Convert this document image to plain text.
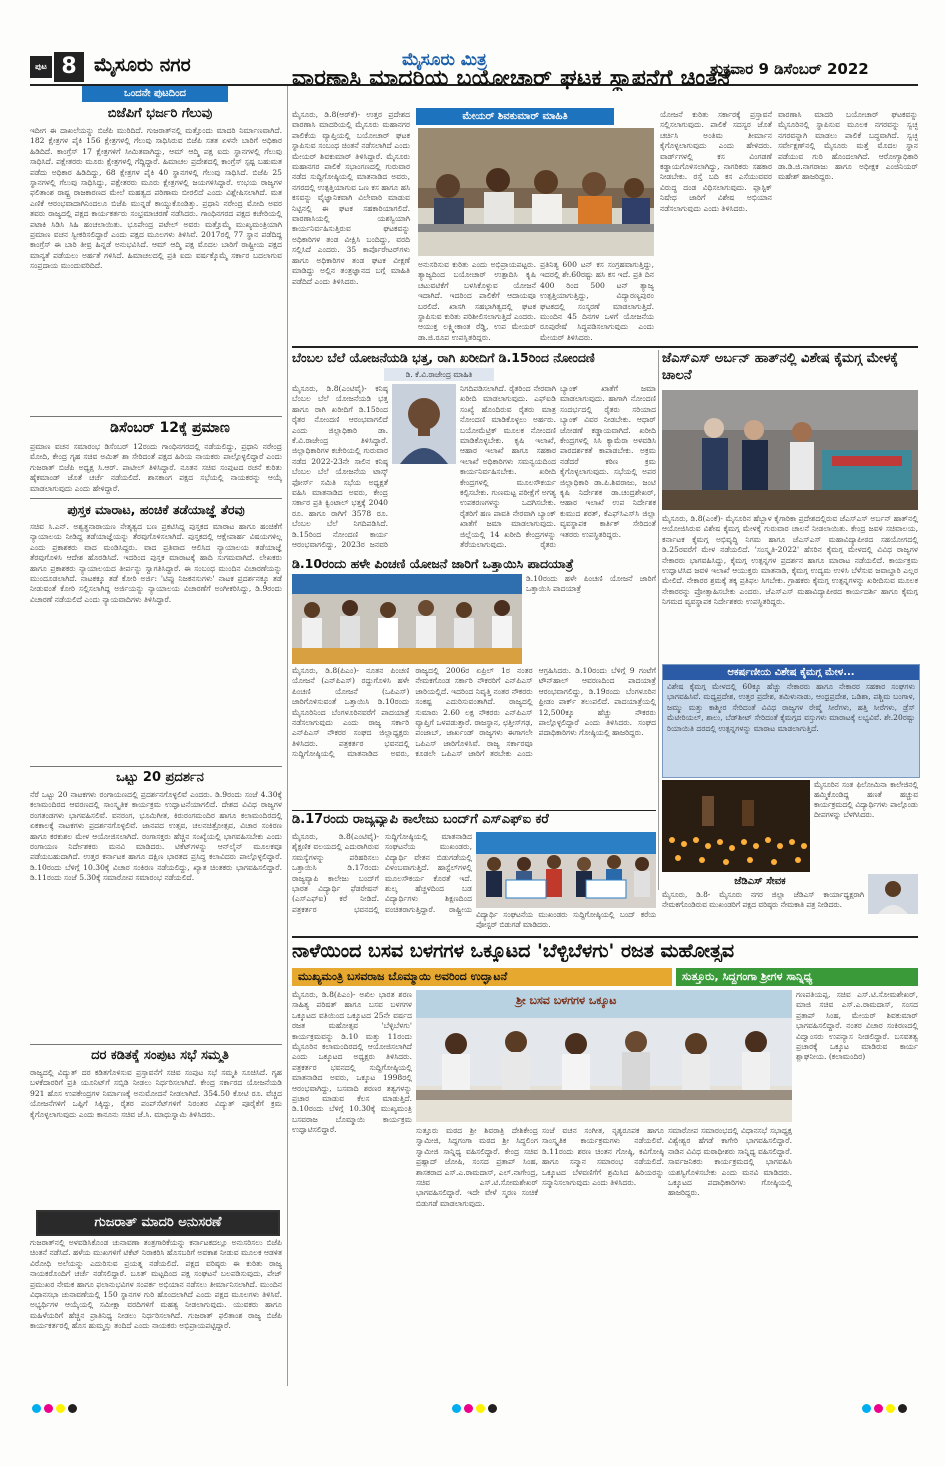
ಪುಟ 8 ಮೈಸೂರು ನಗರ	ಮೈಸೂರು ಮಿತ್ರ	ಶುಕ್ರವಾರ 9 ಡಿಸೆಂಬರ್ 2022
ಒಂದನೇ ಪುಟದಿಂದ
ಬಿಜೆಪಿಗೆ ಭರ್ಜರಿ ಗೆಲುವು
ಇದೀಗ ಈ ದಾಖಲೆಯನ್ನು ಬಿಜೆಪಿ ಮುರಿದಿದೆ. ಗುಜರಾತ್‌ನಲ್ಲಿ ಮತ್ತೊಂದು ಮಾದರಿ ನಿರ್ಮಾಣವಾಗಿದೆ. 182 ಕ್ಷೇತ್ರಗಳ ಪೈಕಿ 156 ಕ್ಷೇತ್ರಗಳಲ್ಲಿ ಗೆಲುವು ಸಾಧಿಸಿರುವ ಬಿಜೆಪಿ ಸತತ ಏಳನೇ ಬಾರಿಗೆ ಅಧಿಕಾರ ಹಿಡಿದಿದೆ. ಕಾಂಗ್ರೆಸ್ 17 ಕ್ಷೇತ್ರಗಳಿಗೆ ಸೀಮಿತವಾಗಿದ್ದು, ಆಮ್ ಆದ್ಮಿ ಪಕ್ಷ ಐದು ಸ್ಥಾನಗಳಲ್ಲಿ ಗೆಲುವು ಸಾಧಿಸಿದೆ. ಪಕ್ಷೇತರರು ಮೂರು ಕ್ಷೇತ್ರಗಳಲ್ಲಿ ಗೆದ್ದಿದ್ದಾರೆ. ಹಿಮಾಚಲ ಪ್ರದೇಶದಲ್ಲಿ ಕಾಂಗ್ರೆಸ್ ಸ್ಪಷ್ಟ ಬಹುಮತ ಪಡೆದು ಅಧಿಕಾರ ಹಿಡಿದಿದ್ದು, 68 ಕ್ಷೇತ್ರಗಳ ಪೈಕಿ 40 ಸ್ಥಾನಗಳಲ್ಲಿ ಗೆಲುವು ಸಾಧಿಸಿದೆ. ಬಿಜೆಪಿ 25 ಸ್ಥಾನಗಳಲ್ಲಿ ಗೆಲುವು ಸಾಧಿಸಿದ್ದು, ಪಕ್ಷೇತರರು ಮೂರು ಕ್ಷೇತ್ರಗಳಲ್ಲಿ ಜಯಗಳಿಸಿದ್ದಾರೆ. ಉಭಯ ರಾಜ್ಯಗಳ ಫಲಿತಾಂಶ ರಾಷ್ಟ್ರ ರಾಜಕಾರಣದ ಮೇಲೆ ಮಹತ್ವದ ಪರಿಣಾಮ ಬೀರಲಿದೆ ಎಂದು ವಿಶ್ಲೇಷಿಸಲಾಗಿದೆ. ಮತ ಎಣಿಕೆ ಆರಂಭವಾದಾಗಿನಿಂದಲೂ ಬಿಜೆಪಿ ಮುನ್ನಡೆ ಕಾಯ್ದುಕೊಂಡಿತ್ತು. ಪ್ರಧಾನಿ ನರೇಂದ್ರ ಮೋದಿ ಅವರ ತವರು ರಾಜ್ಯದಲ್ಲಿ ಪಕ್ಷದ ಕಾರ್ಯಕರ್ತರು ಸಂಭ್ರಮಾಚರಣೆ ನಡೆಸಿದರು. ಗಾಂಧಿನಗರದ ಪಕ್ಷದ ಕಚೇರಿಯಲ್ಲಿ ಪಟಾಕಿ ಸಿಡಿಸಿ ಸಿಹಿ ಹಂಚಲಾಯಿತು. ಭೂಪೇಂದ್ರ ಪಟೇಲ್ ಅವರು ಮತ್ತೊಮ್ಮೆ ಮುಖ್ಯಮಂತ್ರಿಯಾಗಿ ಪ್ರಮಾಣ ವಚನ ಸ್ವೀಕರಿಸಲಿದ್ದಾರೆ ಎಂದು ಪಕ್ಷದ ಮೂಲಗಳು ತಿಳಿಸಿವೆ. 2017ರಲ್ಲಿ 77 ಸ್ಥಾನ ಪಡೆದಿದ್ದ ಕಾಂಗ್ರೆಸ್ ಈ ಬಾರಿ ತೀವ್ರ ಹಿನ್ನಡೆ ಅನುಭವಿಸಿದೆ. ಆಮ್ ಆದ್ಮಿ ಪಕ್ಷ ಮೊದಲ ಬಾರಿಗೆ ರಾಷ್ಟ್ರೀಯ ಪಕ್ಷದ ಮಾನ್ಯತೆ ಪಡೆಯಲು ಅರ್ಹತೆ ಗಳಿಸಿದೆ. ಹಿಮಾಚಲದಲ್ಲಿ ಪ್ರತಿ ಐದು ವರ್ಷಕ್ಕೊಮ್ಮೆ ಸರ್ಕಾರ ಬದಲಾಗುವ ಸಂಪ್ರದಾಯ ಮುಂದುವರಿದಿದೆ.
ಡಿಸೆಂಬರ್ 12ಕ್ಕೆ ಪ್ರಮಾಣ
ಪ್ರಮಾಣ ವಚನ ಸಮಾರಂಭ ಡಿಸೆಂಬರ್ 12ರಂದು ಗಾಂಧಿನಗರದಲ್ಲಿ ನಡೆಯಲಿದ್ದು, ಪ್ರಧಾನಿ ನರೇಂದ್ರ ಮೋದಿ, ಕೇಂದ್ರ ಗೃಹ ಸಚಿವ ಅಮಿತ್ ಶಾ ಸೇರಿದಂತೆ ಪಕ್ಷದ ಹಿರಿಯ ನಾಯಕರು ಪಾಲ್ಗೊಳ್ಳಲಿದ್ದಾರೆ ಎಂದು ಗುಜರಾತ್ ಬಿಜೆಪಿ ಅಧ್ಯಕ್ಷ ಸಿ.ಆರ್. ಪಾಟೀಲ್ ತಿಳಿಸಿದ್ದಾರೆ. ನೂತನ ಸಚಿವ ಸಂಪುಟದ ರಚನೆ ಕುರಿತು ಹೈಕಮಾಂಡ್ ಜೊತೆ ಚರ್ಚೆ ನಡೆಯಲಿದೆ. ಶಾಸಕಾಂಗ ಪಕ್ಷದ ಸಭೆಯಲ್ಲಿ ನಾಯಕರನ್ನು ಆಯ್ಕೆ ಮಾಡಲಾಗುವುದು ಎಂದು ಹೇಳಿದ್ದಾರೆ.
ಪುಸ್ತಕ ಮಾರಾಟ, ಹಂಚಿಕೆ ತಡೆಯಾಜ್ಞೆ ತೆರವು
ಸಚಿವ ಸಿ.ಎನ್. ಅಶ್ವತ್ಥನಾರಾಯಣ ನೇತೃತ್ವದ ಬಣ ಪ್ರಕಟಿಸಿದ್ದ ಪುಸ್ತಕದ ಮಾರಾಟ ಹಾಗೂ ಹಂಚಿಕೆಗೆ ನ್ಯಾಯಾಲಯ ನೀಡಿದ್ದ ತಡೆಯಾಜ್ಞೆಯನ್ನು ತೆರವುಗೊಳಿಸಲಾಗಿದೆ. ಪುಸ್ತಕದಲ್ಲಿ ಆಕ್ಷೇಪಾರ್ಹ ವಿಷಯಗಳಿಲ್ಲ ಎಂದು ಪ್ರಕಾಶಕರು ವಾದ ಮಂಡಿಸಿದ್ದರು. ವಾದ ಪ್ರತಿವಾದ ಆಲಿಸಿದ ನ್ಯಾಯಾಲಯ ತಡೆಯಾಜ್ಞೆ ತೆರವುಗೊಳಿಸಿ ಆದೇಶ ಹೊರಡಿಸಿದೆ. ಇದರಿಂದ ಪುಸ್ತಕ ಮಾರಾಟಕ್ಕೆ ಹಾದಿ ಸುಗಮವಾಗಿದೆ. ಲೇಖಕರು ಹಾಗೂ ಪ್ರಕಾಶಕರು ನ್ಯಾಯಾಲಯದ ತೀರ್ಪನ್ನು ಸ್ವಾಗತಿಸಿದ್ದಾರೆ. ಈ ಸಂಬಂಧ ಮುಂದಿನ ವಿಚಾರಣೆಯನ್ನು ಮುಂದೂಡಲಾಗಿದೆ. ನಾಟಕಕ್ಕೂ ತಡೆ ಕೋರಿ ಅರ್ಜಿ: 'ಟಿಪ್ಪು ನಿಜಕನಸುಗಳು' ನಾಟಕ ಪ್ರದರ್ಶನಕ್ಕೂ ತಡೆ ನೀಡುವಂತೆ ಕೋರಿ ಸಲ್ಲಿಸಲಾಗಿದ್ದ ಅರ್ಜಿಯನ್ನು ನ್ಯಾಯಾಲಯ ವಿಚಾರಣೆಗೆ ಅಂಗೀಕರಿಸಿದ್ದು, ಡಿ.9ರಂದು ವಿಚಾರಣೆ ನಡೆಯಲಿದೆ ಎಂದು ನ್ಯಾಯವಾದಿಗಳು ತಿಳಿಸಿದ್ದಾರೆ.
ಒಟ್ಟು 20 ಪ್ರದರ್ಶನ
ನೆರೆ ಒಟ್ಟು 20 ನಾಟಕಗಳು ರಂಗಾಯಣದಲ್ಲಿ ಪ್ರದರ್ಶನಗೊಳ್ಳಲಿವೆ ಎಂದರು. ಡಿ.9ರಂದು ಸಂಜೆ 4.30ಕ್ಕೆ ಕಲಾಮಂದಿರದ ಆವರಣದಲ್ಲಿ ಸಾಂಸ್ಕೃತಿಕ ಕಾರ್ಯಕ್ರಮ ಉದ್ಘಾಟನೆಯಾಗಲಿದೆ. ದೇಶದ ವಿವಿಧ ರಾಜ್ಯಗಳ ರಂಗತಂಡಗಳು ಭಾಗವಹಿಸಲಿವೆ. ವನರಂಗ, ಭೂಮಿಗೀತ, ಕಿರುರಂಗಮಂದಿರ ಹಾಗೂ ಕಲಾಮಂದಿರದಲ್ಲಿ ಏಕಕಾಲಕ್ಕೆ ನಾಟಕಗಳು ಪ್ರದರ್ಶನಗೊಳ್ಳಲಿವೆ. ಜಾನಪದ ಉತ್ಸವ, ಚಲನಚಿತ್ರೋತ್ಸವ, ವಿಚಾರ ಸಂಕಿರಣ ಹಾಗೂ ಕರಕುಶಲ ಮೇಳ ಆಯೋಜಿಸಲಾಗಿದೆ. ರಂಗಾಸಕ್ತರು ಹೆಚ್ಚಿನ ಸಂಖ್ಯೆಯಲ್ಲಿ ಭಾಗವಹಿಸಬೇಕು ಎಂದು ರಂಗಾಯಣ ನಿರ್ದೇಶಕರು ಮನವಿ ಮಾಡಿದರು. ಟಿಕೆಟ್‌ಗಳನ್ನು ಆನ್‌ಲೈನ್ ಮೂಲಕವೂ ಪಡೆಯಬಹುದಾಗಿದೆ. ಉತ್ತರ ಕರ್ನಾಟಕ ಹಾಗೂ ದಕ್ಷಿಣ ಭಾರತದ ಪ್ರಸಿದ್ಧ ಕಲಾವಿದರು ಪಾಲ್ಗೊಳ್ಳಲಿದ್ದಾರೆ. ಡಿ.10ರಂದು ಬೆಳಿಗ್ಗೆ 10.30ಕ್ಕೆ ವಿಚಾರ ಸಂಕಿರಣ ನಡೆಯಲಿದ್ದು, ಖ್ಯಾತ ಚಿಂತಕರು ಭಾಗವಹಿಸಲಿದ್ದಾರೆ. ಡಿ.11ರಂದು ಸಂಜೆ 5.30ಕ್ಕೆ ಸಮಾರೋಪ ಸಮಾರಂಭ ನಡೆಯಲಿದೆ.
ದರ ಕಡಿತಕ್ಕೆ ಸಂಪುಟ ಸಭೆ ಸಮ್ಮತಿ
ರಾಜ್ಯದಲ್ಲಿ ವಿದ್ಯುತ್ ದರ ಕಡಿತಗೊಳಿಸುವ ಪ್ರಸ್ತಾವನೆಗೆ ಸಚಿವ ಸಂಪುಟ ಸಭೆ ಸಮ್ಮತಿ ಸೂಚಿಸಿದೆ. ಗೃಹ ಬಳಕೆದಾರರಿಗೆ ಪ್ರತಿ ಯೂನಿಟ್‌ಗೆ ಸಬ್ಸಿಡಿ ನೀಡಲು ನಿರ್ಧರಿಸಲಾಗಿದೆ. ಕೇಂದ್ರ ಸರ್ಕಾರದ ಯೋಜನೆಯಡಿ 921 ಹೊಸ ಉಪಕೇಂದ್ರಗಳ ನಿರ್ಮಾಣಕ್ಕೆ ಅನುಮೋದನೆ ನೀಡಲಾಗಿದೆ. 354.50 ಕೋಟಿ ರೂ. ವೆಚ್ಚದ ಯೋಜನೆಗಳಿಗೆ ಒಪ್ಪಿಗೆ ಸಿಕ್ಕಿದ್ದು, ರೈತರ ಪಂಪ್‌ಸೆಟ್‌ಗಳಿಗೆ ನಿರಂತರ ವಿದ್ಯುತ್ ಪೂರೈಕೆಗೆ ಕ್ರಮ ಕೈಗೊಳ್ಳಲಾಗುವುದು ಎಂದು ಕಾನೂನು ಸಚಿವ ಜೆ.ಸಿ. ಮಾಧುಸ್ವಾಮಿ ತಿಳಿಸಿದರು.
ಗುಜರಾತ್ ಮಾದರಿ ಅನುಸರಣೆ
ಗುಜರಾತ್‌ನಲ್ಲಿ ಅಳವಡಿಸಿಕೊಂಡ ಚುನಾವಣಾ ತಂತ್ರಗಾರಿಕೆಯನ್ನು ಕರ್ನಾಟಕದಲ್ಲೂ ಅನುಸರಿಸಲು ಬಿಜೆಪಿ ಚಿಂತನೆ ನಡೆಸಿದೆ. ಹಳೆಯ ಮುಖಗಳಿಗೆ ಟಿಕೆಟ್ ನಿರಾಕರಿಸಿ ಹೊಸಬರಿಗೆ ಅವಕಾಶ ನೀಡುವ ಮೂಲಕ ಆಡಳಿತ ವಿರೋಧಿ ಅಲೆಯನ್ನು ಎದುರಿಸುವ ಪ್ರಯತ್ನ ನಡೆಯಲಿದೆ. ಪಕ್ಷದ ವರಿಷ್ಠರು ಈ ಕುರಿತು ರಾಜ್ಯ ನಾಯಕರೊಂದಿಗೆ ಚರ್ಚೆ ನಡೆಸಲಿದ್ದಾರೆ. ಬೂತ್ ಮಟ್ಟದಿಂದ ಪಕ್ಷ ಸಂಘಟನೆ ಬಲಪಡಿಸುವುದು, ಪೇಜ್ ಪ್ರಮುಖರ ನೇಮಕ ಹಾಗೂ ಫಲಾನುಭವಿಗಳ ಸಂಪರ್ಕ ಅಭಿಯಾನ ನಡೆಸಲು ತೀರ್ಮಾನಿಸಲಾಗಿದೆ. ಮುಂದಿನ ವಿಧಾನಸಭಾ ಚುನಾವಣೆಯಲ್ಲಿ 150 ಸ್ಥಾನಗಳ ಗುರಿ ಹೊಂದಲಾಗಿದೆ ಎಂದು ಪಕ್ಷದ ಮೂಲಗಳು ತಿಳಿಸಿವೆ. ಅಭ್ಯರ್ಥಿಗಳ ಆಯ್ಕೆಯಲ್ಲಿ ಸಮೀಕ್ಷಾ ವರದಿಗಳಿಗೆ ಮಹತ್ವ ನೀಡಲಾಗುವುದು. ಯುವಕರು ಹಾಗೂ ಮಹಿಳೆಯರಿಗೆ ಹೆಚ್ಚಿನ ಪ್ರಾತಿನಿಧ್ಯ ನೀಡಲು ನಿರ್ಧರಿಸಲಾಗಿದೆ. ಗುಜರಾತ್ ಫಲಿತಾಂಶ ರಾಜ್ಯ ಬಿಜೆಪಿ ಕಾರ್ಯಕರ್ತರಲ್ಲಿ ಹೊಸ ಹುಮ್ಮಸ್ಸು ತಂದಿದೆ ಎಂದು ನಾಯಕರು ಅಭಿಪ್ರಾಯಪಟ್ಟಿದ್ದಾರೆ.
ವಾರಣಾಸಿ ಮಾದರಿಯ ಬಯೋಚಾರ್ ಘಟಕ ಸ್ಥಾಪನೆಗೆ ಚಿಂತನೆ
ಮೇಯರ್ ಶಿವಕುಮಾರ್ ಮಾಹಿತಿ
ಮೈಸೂರು, ಡಿ.8(ಆರ್‌ಕೆ)- ಉತ್ತರ ಪ್ರದೇಶದ ವಾರಣಾಸಿ ಮಾದರಿಯಲ್ಲಿ ಮೈಸೂರು ಮಹಾನಗರ ಪಾಲಿಕೆಯ ವ್ಯಾಪ್ತಿಯಲ್ಲಿ ಬಯೋಚಾರ್ ಘಟಕ ಸ್ಥಾಪಿಸುವ ಸಂಬಂಧ ಚಿಂತನೆ ನಡೆಸಲಾಗಿದೆ ಎಂದು ಮೇಯರ್ ಶಿವಕುಮಾರ್ ತಿಳಿಸಿದ್ದಾರೆ. ಮೈಸೂರು ಮಹಾನಗರ ಪಾಲಿಕೆ ಸಭಾಂಗಣದಲ್ಲಿ ಗುರುವಾರ ನಡೆದ ಸುದ್ದಿಗೋಷ್ಠಿಯಲ್ಲಿ ಮಾತನಾಡಿದ ಅವರು, ನಗರದಲ್ಲಿ ಉತ್ಪತ್ತಿಯಾಗುವ ಒಣ ಕಸ ಹಾಗೂ ಹಸಿ ಕಸವನ್ನು ವೈಜ್ಞಾನಿಕವಾಗಿ ವಿಲೇವಾರಿ ಮಾಡುವ ನಿಟ್ಟಿನಲ್ಲಿ ಈ ಘಟಕ ಸಹಕಾರಿಯಾಗಲಿದೆ. ವಾರಣಾಸಿಯಲ್ಲಿ ಯಶಸ್ವಿಯಾಗಿ ಕಾರ್ಯನಿರ್ವಹಿಸುತ್ತಿರುವ ಘಟಕವನ್ನು ಅಧಿಕಾರಿಗಳ ತಂಡ ವೀಕ್ಷಿಸಿ ಬಂದಿದ್ದು, ವರದಿ ಸಲ್ಲಿಸಿದೆ ಎಂದರು. 35 ಕಾರ್ಪೊರೇಟರ್‌ಗಳು ಹಾಗೂ ಅಧಿಕಾರಿಗಳ ತಂಡ ಘಟಕ ವೀಕ್ಷಣೆ ಮಾಡಿದ್ದು ಅಲ್ಲಿನ ತಂತ್ರಜ್ಞಾನದ ಬಗ್ಗೆ ಮಾಹಿತಿ ಪಡೆದಿದೆ ಎಂದು ತಿಳಿಸಿದರು.
ಅನುಸರಿಸುವ ಕುರಿತು ಎಂದು ಅಭಿಪ್ರಾಯಪಟ್ಟರು. ತ್ಯಾಜ್ಯದಿಂದ ಬಯೋಚಾರ್ ಉತ್ಪಾದಿಸಿ ಕೃಷಿ ಚಟುವಟಿಕೆಗೆ ಬಳಸಿಕೊಳ್ಳುವ ಯೋಜನೆ ಇದಾಗಿದೆ. ಇದರಿಂದ ಪಾಲಿಕೆಗೆ ಆದಾಯವೂ ಬರಲಿದೆ. ಖಾಸಗಿ ಸಹಭಾಗಿತ್ವದಲ್ಲಿ ಘಟಕ ಸ್ಥಾಪಿಸುವ ಕುರಿತು ಪರಿಶೀಲಿಸಲಾಗುತ್ತಿದೆ ಎಂದರು. ಆಯುಕ್ತ ಲಕ್ಷ್ಮೀಕಾಂತ ರೆಡ್ಡಿ, ಉಪ ಮೇಯರ್ ಡಾ.ಜಿ.ರೂಪ ಉಪಸ್ಥಿತರಿದ್ದರು.
ಪ್ರತಿನಿತ್ಯ 600 ಟನ್ ಕಸ ಸಂಗ್ರಹವಾಗುತ್ತಿದ್ದು, ಇದರಲ್ಲಿ ಶೇ.60ರಷ್ಟು ಹಸಿ ಕಸ ಇದೆ. ಪ್ರತಿ ದಿನ 400 ರಿಂದ 500 ಟನ್ ತ್ಯಾಜ್ಯ ಉತ್ಪತ್ತಿಯಾಗುತ್ತಿದ್ದು, ವಿದ್ಯಾರಣ್ಯಪುರಂ ಘಟಕದಲ್ಲಿ ಸಂಸ್ಕರಣೆ ಮಾಡಲಾಗುತ್ತಿದೆ. ಮುಂದಿನ 45 ದಿನಗಳ ಒಳಗೆ ಯೋಜನೆಯ ರೂಪುರೇಷೆ ಸಿದ್ಧಪಡಿಸಲಾಗುವುದು ಎಂದು ಮೇಯರ್ ತಿಳಿಸಿದರು.
ಯೋಜನೆ ಕುರಿತು ಸರ್ಕಾರಕ್ಕೆ ಪ್ರಸ್ತಾವನೆ ಸಲ್ಲಿಸಲಾಗುವುದು. ಪಾಲಿಕೆ ಸದಸ್ಯರ ಜೊತೆ ಚರ್ಚಿಸಿ ಅಂತಿಮ ತೀರ್ಮಾನ ಕೈಗೊಳ್ಳಲಾಗುವುದು ಎಂದು ಹೇಳಿದರು. ವಾರ್ಡ್‌ಗಳಲ್ಲಿ ಕಸ ವಿಂಗಡಣೆ ಕಡ್ಡಾಯಗೊಳಿಸಲಾಗಿದ್ದು, ನಾಗರಿಕರು ಸಹಕಾರ ನೀಡಬೇಕು. ರಸ್ತೆ ಬದಿ ಕಸ ಎಸೆಯುವವರ ವಿರುದ್ಧ ದಂಡ ವಿಧಿಸಲಾಗುವುದು. ಪ್ಲಾಸ್ಟಿಕ್ ನಿಷೇಧ ಜಾರಿಗೆ ವಿಶೇಷ ಅಭಿಯಾನ ನಡೆಸಲಾಗುವುದು ಎಂದು ತಿಳಿಸಿದರು.
ವಾರಣಾಸಿ ಮಾದರಿ ಬಯೋಚಾರ್ ಘಟಕವನ್ನು ಮೈಸೂರಿನಲ್ಲಿ ಸ್ಥಾಪಿಸುವ ಮೂಲಕ ನಗರವನ್ನು ಸ್ವಚ್ಛ ನಗರವನ್ನಾಗಿ ಮಾಡಲು ಪಾಲಿಕೆ ಬದ್ಧವಾಗಿದೆ. ಸ್ವಚ್ಛ ಸರ್ವೇಕ್ಷಣ್‌ನಲ್ಲಿ ಮೈಸೂರು ಮತ್ತೆ ಮೊದಲ ಸ್ಥಾನ ಪಡೆಯುವ ಗುರಿ ಹೊಂದಲಾಗಿದೆ. ಆರೋಗ್ಯಾಧಿಕಾರಿ ಡಾ.ಡಿ.ಜಿ.ನಾಗರಾಜು ಹಾಗೂ ಅಧೀಕ್ಷಕ ಎಂಜಿನಿಯರ್ ಮಹೇಶ್ ಹಾಜರಿದ್ದರು.
ಬೆಂಬಲ ಬೆಲೆ ಯೋಜನೆಯಡಿ ಭತ್ತ, ರಾಗಿ ಖರೀದಿಗೆ ಡಿ.15ರಿಂದ ನೋಂದಣಿ
ಡಿ. ಕೆ.ವಿ.ರಾಜೇಂದ್ರ ಮಾಹಿತಿ
ಮೈಸೂರು, ಡಿ.8(ಎಂಟಿವೈ)- ಕನಿಷ್ಠ ಬೆಂಬಲ ಬೆಲೆ ಯೋಜನೆಯಡಿ ಭತ್ತ ಹಾಗೂ ರಾಗಿ ಖರೀದಿಗೆ ಡಿ.15ರಿಂದ ರೈತರ ನೋಂದಣಿ ಆರಂಭವಾಗಲಿದೆ ಎಂದು ಜಿಲ್ಲಾಧಿಕಾರಿ ಡಾ. ಕೆ.ವಿ.ರಾಜೇಂದ್ರ ತಿಳಿಸಿದ್ದಾರೆ. ಜಿಲ್ಲಾಧಿಕಾರಿಗಳ ಕಚೇರಿಯಲ್ಲಿ ಗುರುವಾರ ನಡೆದ 2022-23ನೇ ಸಾಲಿನ ಕನಿಷ್ಠ ಬೆಂಬಲ ಬೆಲೆ ಯೋಜನೆಯ ಟಾಸ್ಕ್ ಫೋರ್ಸ್ ಸಮಿತಿ ಸಭೆಯ ಅಧ್ಯಕ್ಷತೆ ವಹಿಸಿ ಮಾತನಾಡಿದ ಅವರು, ಕೇಂದ್ರ ಸರ್ಕಾರ ಪ್ರತಿ ಕ್ವಿಂಟಾಲ್ ಭತ್ತಕ್ಕೆ 2040 ರೂ. ಹಾಗೂ ರಾಗಿಗೆ 3578 ರೂ. ಬೆಂಬಲ ಬೆಲೆ ನಿಗದಿಪಡಿಸಿದೆ. ಡಿ.15ರಿಂದ ನೋಂದಣಿ ಕಾರ್ಯ ಆರಂಭವಾಗಲಿದ್ದು, 2023ರ ಜನವರಿ
ನಿಗದಿಪಡಿಸಲಾಗಿದೆ. ರೈತರಿಂದ ನೇರವಾಗಿ ಖರೀದಿ ಮಾಡಲಾಗುವುದು. ಎಫ್‌ಐಡಿ ಸಂಖ್ಯೆ ಹೊಂದಿರುವ ರೈತರು ಮಾತ್ರ ನೋಂದಣಿ ಮಾಡಿಕೊಳ್ಳಲು ಅರ್ಹರು. ಬಯೋಮೆಟ್ರಿಕ್ ಮೂಲಕ ನೋಂದಣಿ ಮಾಡಿಕೊಳ್ಳಬೇಕು. ಕೃಷಿ ಇಲಾಖೆ, ಆಹಾರ ಇಲಾಖೆ ಹಾಗೂ ಸಹಕಾರ ಇಲಾಖೆ ಅಧಿಕಾರಿಗಳು ಸಮನ್ವಯದಿಂದ ಕಾರ್ಯನಿರ್ವಹಿಸಬೇಕು. ಖರೀದಿ ಕೇಂದ್ರಗಳಲ್ಲಿ ಮೂಲಸೌಕರ್ಯ ಕಲ್ಪಿಸಬೇಕು. ಗುಣಮಟ್ಟ ಪರೀಕ್ಷೆಗೆ ಅಗತ್ಯ ಉಪಕರಣಗಳನ್ನು ಒದಗಿಸಬೇಕು. ರೈತರಿಗೆ ಹಣ ಪಾವತಿ ನೇರವಾಗಿ ಬ್ಯಾಂಕ್ ಖಾತೆಗೆ ಜಮಾ ಮಾಡಲಾಗುವುದು. ಜಿಲ್ಲೆಯಲ್ಲಿ 14 ಖರೀದಿ ಕೇಂದ್ರಗಳನ್ನು ತೆರೆಯಲಾಗುವುದು. ರೈತರು
ಬ್ಯಾಂಕ್ ಖಾತೆಗೆ ಜಮಾ ಮಾಡಲಾಗುವುದು. ಹಾಗಾಗಿ ನೋಂದಣಿ ಸಂದರ್ಭದಲ್ಲಿ ರೈತರು ಸರಿಯಾದ ಬ್ಯಾಂಕ್ ವಿವರ ನೀಡಬೇಕು. ಆಧಾರ್ ಜೋಡಣೆ ಕಡ್ಡಾಯವಾಗಿದೆ. ಖರೀದಿ ಕೇಂದ್ರಗಳಲ್ಲಿ ಸಿಸಿ ಕ್ಯಾಮೆರಾ ಅಳವಡಿಸಿ ಪಾರದರ್ಶಕತೆ ಕಾಪಾಡಬೇಕು. ಅಕ್ರಮ ನಡೆದರೆ ಕಠಿಣ ಕ್ರಮ ಕೈಗೊಳ್ಳಲಾಗುವುದು. ಸಭೆಯಲ್ಲಿ ಅಪರ ಜಿಲ್ಲಾಧಿಕಾರಿ ಡಾ.ಪಿ.ಶಿವರಾಜು, ಜಂಟಿ ಕೃಷಿ ನಿರ್ದೇಶಕ ಡಾ.ಚಂದ್ರಶೇಖರ್, ಆಹಾರ ಇಲಾಖೆ ಉಪ ನಿರ್ದೇಶಕ ಕುಮುದ ಶರತ್, ಕೆಎಫ್‌ಸಿಎಸ್‌ಸಿ ಜಿಲ್ಲಾ ವ್ಯವಸ್ಥಾಪಕ ಕಾರ್ತಿಕ್ ಸೇರಿದಂತೆ ಇತರರು ಉಪಸ್ಥಿತರಿದ್ದರು.
ಜೆಎಸ್‌ಎಸ್ ಅರ್ಬನ್ ಹಾತ್‌ನಲ್ಲಿ ವಿಶೇಷ ಕೈಮಗ್ಗ ಮೇಳಕ್ಕೆ ಚಾಲನೆ
ಮೈಸೂರು, ಡಿ.8(ಎಂಕೆ)- ಮೈಸೂರಿನ ಹೆಬ್ಬಾಳ ಕೈಗಾರಿಕಾ ಪ್ರದೇಶದಲ್ಲಿರುವ ಜೆಎಸ್‌ಎಸ್ ಅರ್ಬನ್ ಹಾತ್‌ನಲ್ಲಿ ಆಯೋಜಿಸಿರುವ ವಿಶೇಷ ಕೈಮಗ್ಗ ಮೇಳಕ್ಕೆ ಗುರುವಾರ ಚಾಲನೆ ನೀಡಲಾಯಿತು. ಕೇಂದ್ರ ಜವಳಿ ಸಚಿವಾಲಯ, ಕರ್ನಾಟಕ ಕೈಮಗ್ಗ ಅಭಿವೃದ್ಧಿ ನಿಗಮ ಹಾಗೂ ಜೆಎಸ್‌ಎಸ್ ಮಹಾವಿದ್ಯಾಪೀಠದ ಸಹಯೋಗದಲ್ಲಿ ಡಿ.25ರವರೆಗೆ ಮೇಳ ನಡೆಯಲಿದೆ. 'ಸಂಸ್ಕೃತಿ-2022' ಹೆಸರಿನ ಕೈಮಗ್ಗ ಮೇಳದಲ್ಲಿ ವಿವಿಧ ರಾಜ್ಯಗಳ ನೇಕಾರರು ಭಾಗವಹಿಸಿದ್ದು, ಕೈಮಗ್ಗ ಉತ್ಪನ್ನಗಳ ಪ್ರದರ್ಶನ ಹಾಗೂ ಮಾರಾಟ ನಡೆಯಲಿದೆ. ಕಾರ್ಯಕ್ರಮ ಉದ್ಘಾಟಿಸಿದ ಜವಳಿ ಇಲಾಖೆ ಆಯುಕ್ತರು ಮಾತನಾಡಿ, ಕೈಮಗ್ಗ ಉದ್ಯಮ ಉಳಿಸಿ ಬೆಳೆಸುವ ಜವಾಬ್ದಾರಿ ಎಲ್ಲರ ಮೇಲಿದೆ. ನೇಕಾರರ ಶ್ರಮಕ್ಕೆ ತಕ್ಕ ಪ್ರತಿಫಲ ಸಿಗಬೇಕು. ಗ್ರಾಹಕರು ಕೈಮಗ್ಗ ಉತ್ಪನ್ನಗಳನ್ನು ಖರೀದಿಸುವ ಮೂಲಕ ನೇಕಾರರನ್ನು ಪ್ರೋತ್ಸಾಹಿಸಬೇಕು ಎಂದರು. ಜೆಎಸ್‌ಎಸ್ ಮಹಾವಿದ್ಯಾಪೀಠದ ಕಾರ್ಯದರ್ಶಿ ಹಾಗೂ ಕೈಮಗ್ಗ ನಿಗಮದ ವ್ಯವಸ್ಥಾಪಕ ನಿರ್ದೇಶಕರು ಉಪಸ್ಥಿತರಿದ್ದರು.
ಆಕರ್ಷಣೀಯ ವಿಶೇಷ ಕೈಮಗ್ಗ ಮೇಳ...
ವಿಶೇಷ ಕೈಮಗ್ಗ ಮೇಳದಲ್ಲಿ 60ಕ್ಕೂ ಹೆಚ್ಚು ನೇಕಾರರು ಹಾಗೂ ನೇಕಾರರ ಸಹಕಾರ ಸಂಘಗಳು ಭಾಗವಹಿಸಿವೆ. ಮಧ್ಯಪ್ರದೇಶ, ಉತ್ತರ ಪ್ರದೇಶ, ತಮಿಳುನಾಡು, ಆಂಧ್ರಪ್ರದೇಶ, ಒಡಿಶಾ, ಪಶ್ಚಿಮ ಬಂಗಾಳ, ಜಮ್ಮು ಮತ್ತು ಕಾಶ್ಮೀರ ಸೇರಿದಂತೆ ವಿವಿಧ ರಾಜ್ಯಗಳ ರೇಷ್ಮೆ ಸೀರೆಗಳು, ಹತ್ತಿ ಸೀರೆಗಳು, ಡ್ರೆಸ್ ಮೆಟೀರಿಯಲ್, ಶಾಲು, ಬೆಡ್‌ಶೀಟ್ ಸೇರಿದಂತೆ ಕೈಮಗ್ಗದ ವಸ್ತುಗಳು ಮಾರಾಟಕ್ಕೆ ಲಭ್ಯವಿವೆ. ಶೇ.20ರಷ್ಟು ರಿಯಾಯಿತಿ ದರದಲ್ಲಿ ಉತ್ಪನ್ನಗಳನ್ನು ಮಾರಾಟ ಮಾಡಲಾಗುತ್ತಿದೆ.
ಮೈಸೂರಿನ ಸಂತ ಫಿಲೋಮಿನಾ ಕಾಲೇಜಿನಲ್ಲಿ ಹಮ್ಮಿಕೊಂಡಿದ್ದ ಹಣತೆ ಹಚ್ಚುವ ಕಾರ್ಯಕ್ರಮದಲ್ಲಿ ವಿದ್ಯಾರ್ಥಿಗಳು ಪಾಲ್ಗೊಂಡು ದೀಪಗಳನ್ನು ಬೆಳಗಿಸಿದರು.
ಜೆಡಿಎಸ್ ಸೇವಕ
ಮೈಸೂರು, ಡಿ.8- ಮೈಸೂರು ನಗರ ಜಿಲ್ಲಾ ಜೆಡಿಎಸ್ ಕಾರ್ಯಾಧ್ಯಕ್ಷರಾಗಿ ನೇಮಕಗೊಂಡಿರುವ ಮುಖಂಡರಿಗೆ ಪಕ್ಷದ ವರಿಷ್ಠರು ನೇಮಕಾತಿ ಪತ್ರ ನೀಡಿದರು.
ಡಿ.10ರಂದು ಹಳೇ ಪಿಂಚಣಿ ಯೋಜನೆ ಜಾರಿಗೆ ಒತ್ತಾಯಿಸಿ ಪಾದಯಾತ್ರೆ
ಮೈಸೂರು, ಡಿ.8(ಪಿಎಂ)- ನೂತನ ಪಿಂಚಣಿ ಯೋಜನೆ (ಎನ್‌ಪಿಎಸ್) ರದ್ದುಗೊಳಿಸಿ ಹಳೇ ಪಿಂಚಣಿ ಯೋಜನೆ (ಒಪಿಎಸ್) ಜಾರಿಗೊಳಿಸುವಂತೆ ಒತ್ತಾಯಿಸಿ ಡಿ.10ರಂದು ಮೈಸೂರಿನಿಂದ ಬೆಂಗಳೂರಿನವರೆಗೆ ಪಾದಯಾತ್ರೆ ನಡೆಸಲಾಗುವುದು ಎಂದು ರಾಜ್ಯ ಸರ್ಕಾರಿ ಎನ್‌ಪಿಎಸ್ ನೌಕರರ ಸಂಘದ ಜಿಲ್ಲಾಧ್ಯಕ್ಷರು ತಿಳಿಸಿದರು. ಪತ್ರಕರ್ತರ ಭವನದಲ್ಲಿ ಸುದ್ದಿಗೋಷ್ಠಿಯಲ್ಲಿ ಮಾತನಾಡಿದ ಅವರು, ರಾಜ್ಯದಲ್ಲಿ 2006ರ ಏಪ್ರಿಲ್ 1ರ ನಂತರ ನೇಮಕಗೊಂಡ ಸರ್ಕಾರಿ ನೌಕರರಿಗೆ ಎನ್‌ಪಿಎಸ್ ಜಾರಿಯಲ್ಲಿದೆ. ಇದರಿಂದ ನಿವೃತ್ತಿ ನಂತರ ನೌಕರರು ಸಂಕಷ್ಟ ಎದುರಿಸುವಂತಾಗಿದೆ. ರಾಜ್ಯದಲ್ಲಿ ಸುಮಾರು 2.60 ಲಕ್ಷ ನೌಕರರು ಎನ್‌ಪಿಎಸ್ ವ್ಯಾಪ್ತಿಗೆ ಒಳಪಡುತ್ತಾರೆ. ರಾಜಸ್ಥಾನ, ಛತ್ತೀಸ್‌ಗಢ, ಪಂಜಾಬ್, ಜಾರ್ಖಂಡ್ ರಾಜ್ಯಗಳು ಈಗಾಗಲೇ ಒಪಿಎಸ್ ಜಾರಿಗೊಳಿಸಿವೆ. ರಾಜ್ಯ ಸರ್ಕಾರವೂ ಕೂಡಲೇ ಒಪಿಎಸ್ ಜಾರಿಗೆ ತರಬೇಕು ಎಂದು ಆಗ್ರಹಿಸಿದರು. ಡಿ.10ರಂದು ಬೆಳಿಗ್ಗೆ 9 ಗಂಟೆಗೆ ಟೌನ್‌ಹಾಲ್ ಆವರಣದಿಂದ ಪಾದಯಾತ್ರೆ ಆರಂಭವಾಗಲಿದ್ದು, ಡಿ.19ರಂದು ಬೆಂಗಳೂರಿನ ಫ್ರೀಡಂ ಪಾರ್ಕ್ ತಲುಪಲಿದೆ. ಪಾದಯಾತ್ರೆಯಲ್ಲಿ 12,500ಕ್ಕೂ ಹೆಚ್ಚು ನೌಕರರು ಪಾಲ್ಗೊಳ್ಳಲಿದ್ದಾರೆ ಎಂದು ತಿಳಿಸಿದರು. ಸಂಘದ ಪದಾಧಿಕಾರಿಗಳು ಗೋಷ್ಠಿಯಲ್ಲಿ ಹಾಜರಿದ್ದರು.
ಡಿ.10ರಂದು ಹಳೇ ಪಿಂಚಣಿ ಯೋಜನೆ ಜಾರಿಗೆ ಒತ್ತಾಯಿಸಿ ಪಾದಯಾತ್ರೆ
ಡಿ.17ರಂದು ರಾಜ್ಯವ್ಯಾಪಿ ಕಾಲೇಜು ಬಂದ್‌ಗೆ ಎಸ್‌ಎಫ್‌ಐ ಕರೆ
ಮೈಸೂರು, ಡಿ.8(ಎಂಟಿವೈ)- ಶೈಕ್ಷಣಿಕ ವಲಯದಲ್ಲಿ ಎದುರಾಗಿರುವ ಸಮಸ್ಯೆಗಳನ್ನು ಪರಿಹರಿಸಲು ಒತ್ತಾಯಿಸಿ ಡಿ.17ರಂದು ರಾಜ್ಯವ್ಯಾಪಿ ಕಾಲೇಜು ಬಂದ್‌ಗೆ ಭಾರತ ವಿದ್ಯಾರ್ಥಿ ಫೆಡರೇಷನ್ (ಎಸ್‌ಎಫ್‌ಐ) ಕರೆ ನೀಡಿದೆ. ಪತ್ರಕರ್ತರ ಭವನದಲ್ಲಿ ಸುದ್ದಿಗೋಷ್ಠಿಯಲ್ಲಿ ಮಾತನಾಡಿದ ಸಂಘಟನೆಯ ಮುಖಂಡರು, ವಿದ್ಯಾರ್ಥಿ ವೇತನ ಬಿಡುಗಡೆಯಲ್ಲಿ ವಿಳಂಬವಾಗುತ್ತಿದೆ. ಹಾಸ್ಟೆಲ್‌ಗಳಲ್ಲಿ ಮೂಲಸೌಕರ್ಯ ಕೊರತೆ ಇದೆ. ಶುಲ್ಕ ಹೆಚ್ಚಳದಿಂದ ಬಡ ವಿದ್ಯಾರ್ಥಿಗಳು ಶಿಕ್ಷಣದಿಂದ ವಂಚಿತರಾಗುತ್ತಿದ್ದಾರೆ. ರಾಷ್ಟ್ರೀಯ
ವಿದ್ಯಾರ್ಥಿ ಸಂಘಟನೆಯ ಮುಖಂಡರು ಸುದ್ದಿಗೋಷ್ಠಿಯಲ್ಲಿ ಬಂದ್ ಕರೆಯ ಪೋಸ್ಟರ್ ಬಿಡುಗಡೆ ಮಾಡಿದರು.
ನಾಳೆಯಿಂದ ಬಸವ ಬಳಗಗಳ ಒಕ್ಕೂಟದ 'ಬೆಳ್ಳಿಬೆಳಗು' ರಜತ ಮಹೋತ್ಸವ
ಮುಖ್ಯಮಂತ್ರಿ ಬಸವರಾಜ ಬೊಮ್ಮಾಯಿ ಅವರಿಂದ ಉದ್ಘಾಟನೆ	ಸುತ್ತೂರು, ಸಿದ್ದಗಂಗಾ ಶ್ರೀಗಳ ಸಾನ್ನಿಧ್ಯ
ಮೈಸೂರು, ಡಿ.8(ಪಿಎಂ)- ಅಖಿಲ ಭಾರತ ಶರಣ ಸಾಹಿತ್ಯ ಪರಿಷತ್ ಹಾಗೂ ಬಸವ ಬಳಗಗಳ ಒಕ್ಕೂಟದ ವತಿಯಿಂದ ಒಕ್ಕೂಟದ 25ನೇ ವರ್ಷದ ರಜತ ಮಹೋತ್ಸವ 'ಬೆಳ್ಳಿಬೆಳಗು' ಕಾರ್ಯಕ್ರಮವನ್ನು ಡಿ.10 ಮತ್ತು 11ರಂದು ಮೈಸೂರಿನ ಕಲಾಮಂದಿರದಲ್ಲಿ ಆಯೋಜಿಸಲಾಗಿದೆ ಎಂದು ಒಕ್ಕೂಟದ ಅಧ್ಯಕ್ಷರು ತಿಳಿಸಿದರು. ಪತ್ರಕರ್ತರ ಭವನದಲ್ಲಿ ಸುದ್ದಿಗೋಷ್ಠಿಯಲ್ಲಿ ಮಾತನಾಡಿದ ಅವರು, ಒಕ್ಕೂಟ 1998ರಲ್ಲಿ ಆರಂಭವಾಗಿದ್ದು, ಬಸವಾದಿ ಶರಣರ ತತ್ವಗಳನ್ನು ಪ್ರಚಾರ ಮಾಡುವ ಕೆಲಸ ಮಾಡುತ್ತಿದೆ. ಡಿ.10ರಂದು ಬೆಳಿಗ್ಗೆ 10.30ಕ್ಕೆ ಮುಖ್ಯಮಂತ್ರಿ ಬಸವರಾಜ ಬೊಮ್ಮಾಯಿ ಕಾರ್ಯಕ್ರಮ ಉದ್ಘಾಟಿಸಲಿದ್ದಾರೆ.
ಶ್ರೀ ಬಸವ ಬಳಗಗಳ ಒಕ್ಕೂಟ
ಸುತ್ತೂರು ಮಠದ ಶ್ರೀ ಶಿವರಾತ್ರಿ ದೇಶಿಕೇಂದ್ರ ಸ್ವಾಮೀಜಿ, ಸಿದ್ದಗಂಗಾ ಮಠದ ಶ್ರೀ ಸಿದ್ಧಲಿಂಗ ಸ್ವಾಮೀಜಿ ಸಾನ್ನಿಧ್ಯ ವಹಿಸಲಿದ್ದಾರೆ. ಕೇಂದ್ರ ಸಚಿವ ಪ್ರಹ್ಲಾದ್ ಜೋಷಿ, ಸಂಸದ ಪ್ರತಾಪ್ ಸಿಂಹ, ಶಾಸಕರಾದ ಎಸ್.ಎ.ರಾಮದಾಸ್, ಎಲ್.ನಾಗೇಂದ್ರ, ಸಚಿವ ಎಸ್.ಟಿ.ಸೋಮಶೇಖರ್ ಭಾಗವಹಿಸಲಿದ್ದಾರೆ. ಇದೇ ವೇಳೆ ಸ್ಮರಣ ಸಂಚಿಕೆ ಬಿಡುಗಡೆ ಮಾಡಲಾಗುವುದು.
ಸಂಜೆ ವಚನ ಸಂಗೀತ, ನೃತ್ಯರೂಪಕ ಹಾಗೂ ಸಾಂಸ್ಕೃತಿಕ ಕಾರ್ಯಕ್ರಮಗಳು ನಡೆಯಲಿವೆ. ಡಿ.11ರಂದು ಶರಣ ಚಿಂತನ ಗೋಷ್ಠಿ, ಕವಿಗೋಷ್ಠಿ ಹಾಗೂ ಸನ್ಮಾನ ಸಮಾರಂಭ ನಡೆಯಲಿದೆ. ಒಕ್ಕೂಟದ ಬೆಳವಣಿಗೆಗೆ ಶ್ರಮಿಸಿದ ಹಿರಿಯರನ್ನು ಸನ್ಮಾನಿಸಲಾಗುವುದು ಎಂದು ತಿಳಿಸಿದರು.
ಸಮಾರೋಪ ಸಮಾರಂಭದಲ್ಲಿ ವಿಧಾನಸಭೆ ಸಭಾಧ್ಯಕ್ಷ ವಿಶ್ವೇಶ್ವರ ಹೆಗಡೆ ಕಾಗೇರಿ ಭಾಗವಹಿಸಲಿದ್ದಾರೆ. ನಾಡಿನ ವಿವಿಧ ಮಠಾಧೀಶರು ಸಾನ್ನಿಧ್ಯ ವಹಿಸಲಿದ್ದಾರೆ. ಸಾರ್ವಜನಿಕರು ಕಾರ್ಯಕ್ರಮದಲ್ಲಿ ಭಾಗವಹಿಸಿ ಯಶಸ್ವಿಗೊಳಿಸಬೇಕು ಎಂದು ಮನವಿ ಮಾಡಿದರು. ಒಕ್ಕೂಟದ ಪದಾಧಿಕಾರಿಗಳು ಗೋಷ್ಠಿಯಲ್ಲಿ ಹಾಜರಿದ್ದರು.
ಗಣಪತಿಯಪ್ಪ, ಸಚಿವ ಎಸ್.ಟಿ.ಸೋಮಶೇಖರ್, ಮಾಜಿ ಸಚಿವ ಎಸ್.ಎ.ರಾಮದಾಸ್, ಸಂಸದ ಪ್ರತಾಪ್ ಸಿಂಹ, ಮೇಯರ್ ಶಿವಕುಮಾರ್ ಭಾಗವಹಿಸಲಿದ್ದಾರೆ. ನಂತರ ವಿಚಾರ ಸಂಕಿರಣದಲ್ಲಿ ವಿದ್ವಾಂಸರು ಉಪನ್ಯಾಸ ನೀಡಲಿದ್ದಾರೆ. ಬಸವತತ್ವ ಪ್ರಚಾರಕ್ಕೆ ಒಕ್ಕೂಟ ಮಾಡಿರುವ ಕಾರ್ಯ ಶ್ಲಾಘನೀಯ. (ಕಲಾಮಂದಿರ)
